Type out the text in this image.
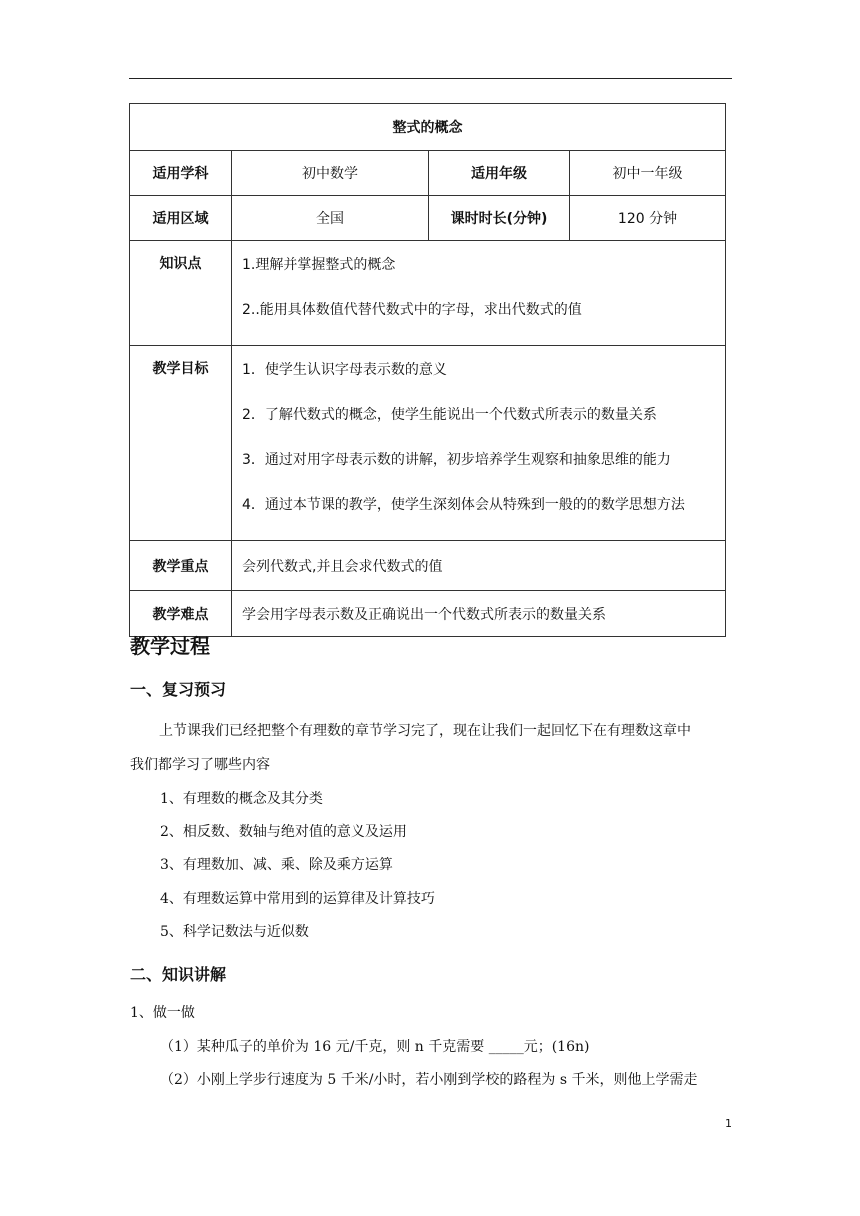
整式的概念			
适用学科	初中数学	适用年级	初中一年级
适用区域	全国	课时时长(分钟)	120 分钟
知识点	1.理解并掌握整式的概念
2..能用具体数值代替代数式中的字母，求出代数式的值		

教学目标	1．使学生认识字母表示数的意义
2．了解代数式的概念，使学生能说出一个代数式所表示的数量关系
3．通过对用字母表示数的讲解，初步培养学生观察和抽象思维的能力
4．通过本节课的教学，使学生深刻体会从特殊到一般的的数学思想方法		

教学重点	会列代数式,并且会求代数式的值		
教学难点	学会用字母表示数及正确说出一个代数式所表示的数量关系		
教学过程
一、复习预习
上节课我们已经把整个有理数的章节学习完了，现在让我们一起回忆下在有理数这章中
我们都学习了哪些内容
1、有理数的概念及其分类
2、相反数、数轴与绝对值的意义及运用
3、有理数加、减、乘、除及乘方运算
4、有理数运算中常用到的运算律及计算技巧
5、科学记数法与近似数
二、知识讲解
1、做一做
（1）某种瓜子的单价为 16 元/千克，则 n 千克需要 _____元；(16n)
（2）小刚上学步行速度为 5 千米/小时，若小刚到学校的路程为 s 千米，则他上学需走
1
